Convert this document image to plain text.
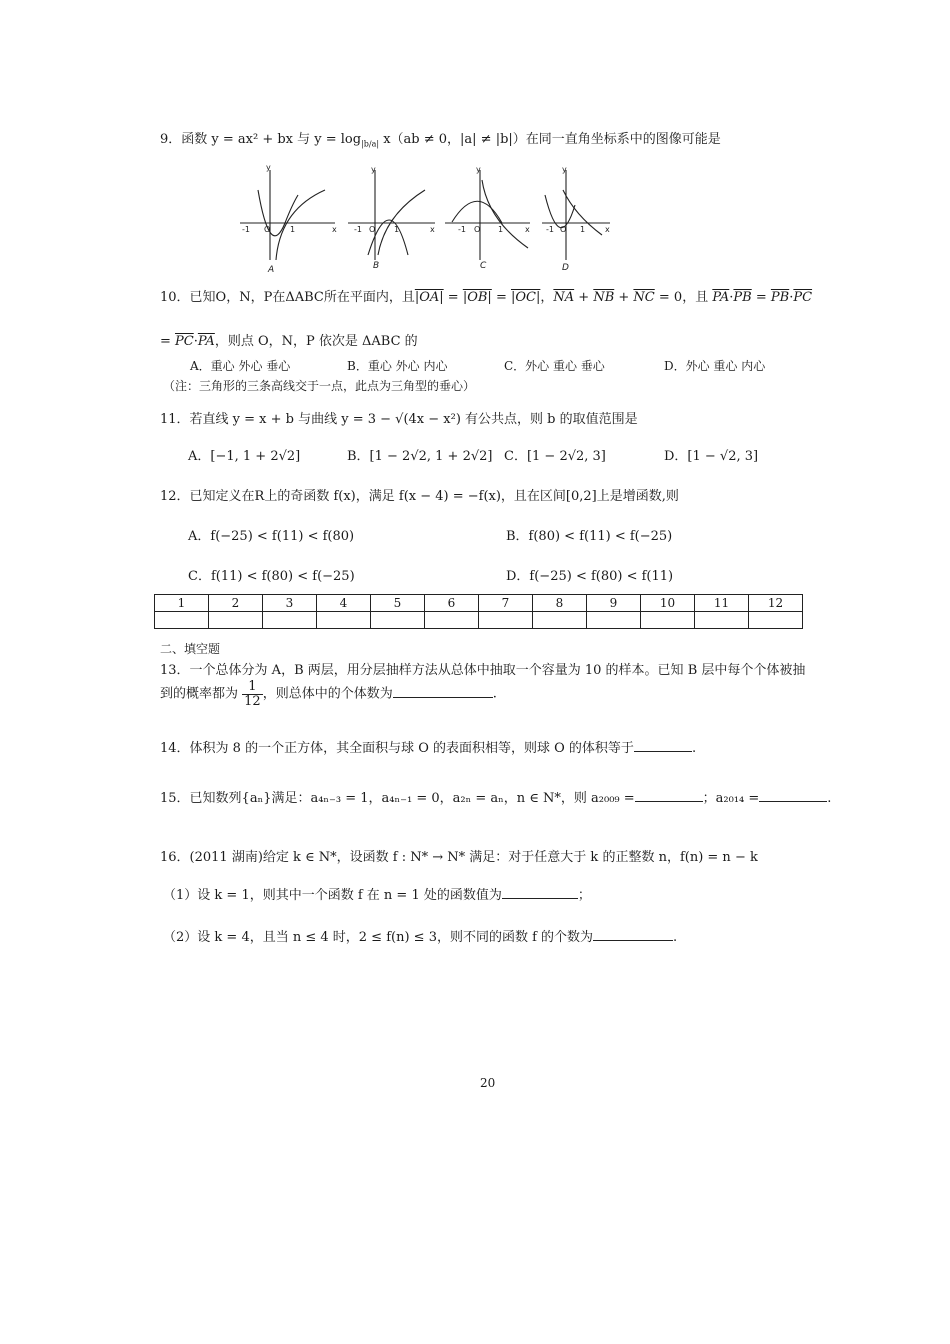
9．函数 y = ax² + bx 与 $y = \log_{|b/a|} x(ab \ne 0$，|a| ≠ |b|）在同一直角坐标系中的图像可能是
y	y	y	y
x	x	x	x
O	O	O	O
-1	1	-1	1	-1	1	-1	1
A	B	C	D
10．已知O，N，P在ΔABC所在平面内，且|OA| = |OB| = |OC|，$\overline{NA} + \overline{NB} + \overline{NC} = 0$，且 $\overline{PA}\cdot\overline{PB} = \overline{PB}\cdot\overline{PC}$
= $\overline{PC}\cdot\overline{PA}$，则点 O，N，P 依次是 ΔABC 的
A．重心 外心 垂心	B．重心 外心 内心	C．外心 重心 垂心	D．外心 重心 内心
（注：三角形的三条高线交于一点，此点为三角型的垂心）
11．若直线 y = x + b 与曲线 y = 3 − √(4x − x²) 有公共点，则 b 的取值范围是
A．[−1, 1 + 2√2]	B．[1 − 2√2, 1 + 2√2] C．[1 − 2√2, 3]	D．[1 − √2, 3]
12．已知定义在R上的奇函数 f(x)，满足 f(x − 4) = −f(x)，且在区间[0,2]上是增函数,则
A．f(−25) < f(11) < f(80)	B．f(80) < f(11) < f(−25)
C．f(11) < f(80) < f(−25)	D．f(−25) < f(80) < f(11)
1	2	3	4	5	6	7	8	9	10	11	12

二、填空题
13．一个总体分为 A，B 两层，用分层抽样方法从总体中抽取一个容量为 10 的样本。已知 B 层中每个个体被抽
到的概率都为 $\frac{1}{12}$ ，则总体中的个体数为	.
14．体积为 8 的一个正方体，其全面积与球 O 的表面积相等，则球 O 的体积等于	.
15．已知数列{aₙ}满足：a₄ₙ₋₃ = 1，a₄ₙ₋₁ = 0，a₂ₙ = aₙ，n ∈ N*，则 a₂₀₀₉ =	；a₂₀₁₄ =	.
16．(2011 湖南)给定 k ∈ N*，设函数 f : N* → N* 满足：对于任意大于 k 的正整数 n，f(n) = n − k
（1）设 k = 1，则其中一个函数 f 在 n = 1 处的函数值为	；
（2）设 k = 4，且当 n ≤ 4 时，2 ≤ f(n) ≤ 3，则不同的函数 f 的个数为	.
20
